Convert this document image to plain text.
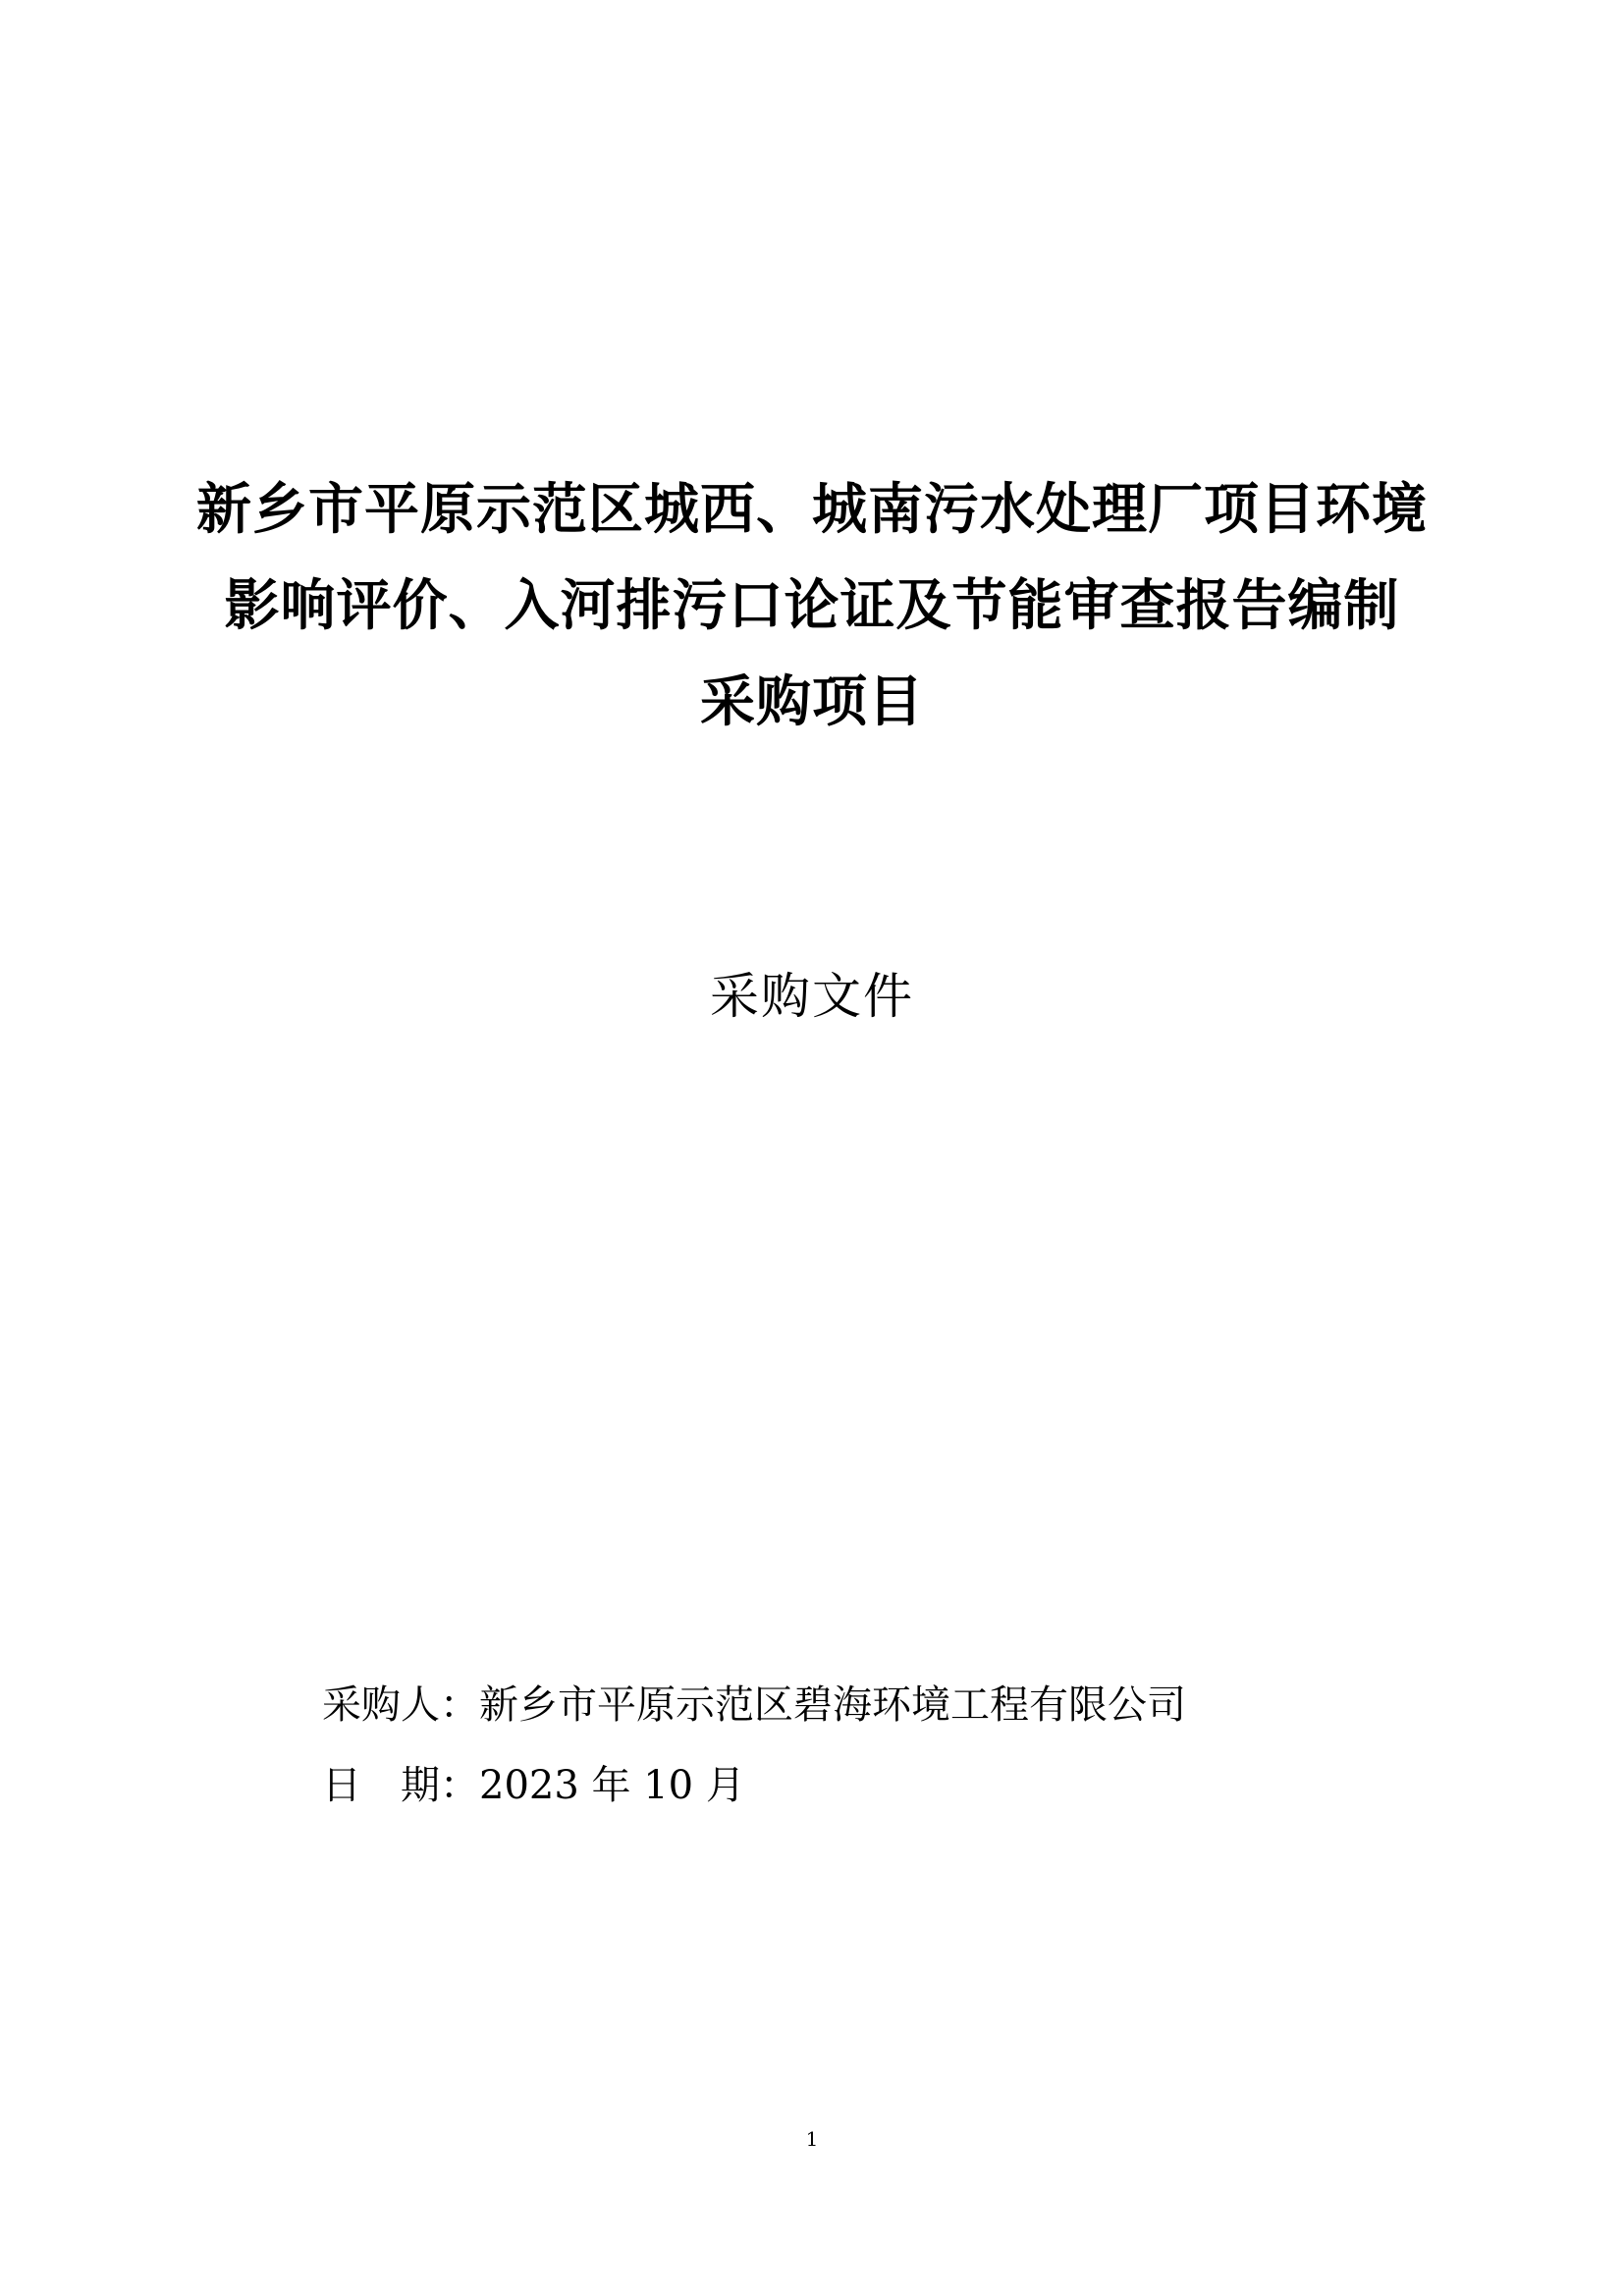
新乡市平原示范区城西、城南污水处理厂项目环境
影响评价、入河排污口论证及节能审查报告编制
采购项目
采购文件
采购人：新乡市平原示范区碧海环境工程有限公司
日 期：2023 年 10 月
1
